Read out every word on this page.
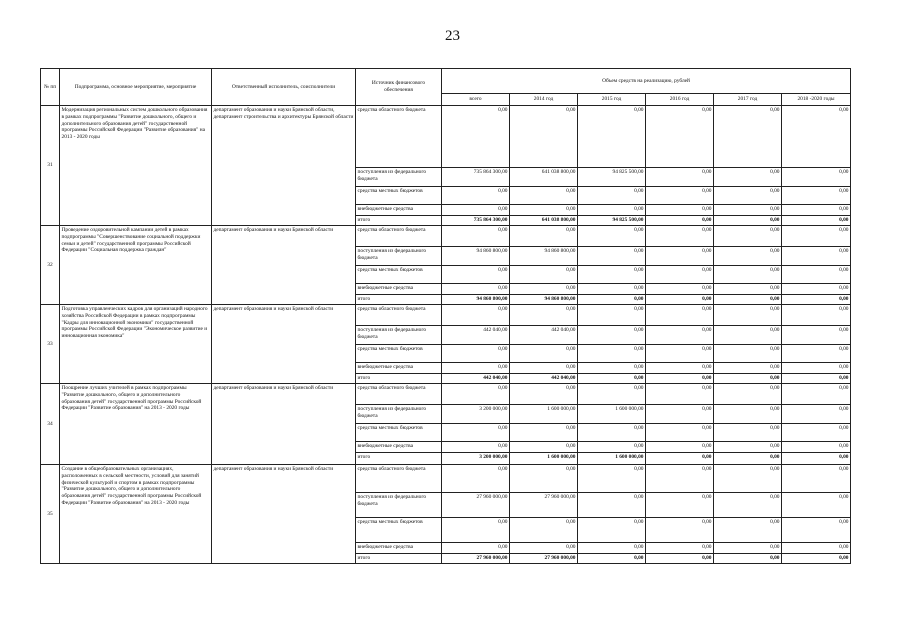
23
№ пп	Подпрограмма, основное мероприятие, мероприятие	Ответственный исполнитель, соисполнители	Источник финансового обеспечения	Объем средств на реализацию, рублей					
				всего	2014 год	2015 год	2016 год	2017 год	2018 -2020 годы
31	Модернизация региональных систем дошкольного образования в рамках подпрограммы "Развитие дошкольного, общего и дополнительного образования детей" государственной программы Российской Федерации "Развитие образования" на 2013 - 2020 годы	департамент образования и науки Брянской области, департамент строительства и архитектуры Брянской области	средства областного бюджета	0,00	0,00	0,00	0,00	0,00	0,00
			поступления из федерального бюджета	735 864 300,00	641 038 800,00	94 825 500,00	0,00	0,00	0,00
			средства местных бюджетов	0,00	0,00	0,00	0,00	0,00	0,00
			внебюджетные средства	0,00	0,00	0,00	0,00	0,00	0,00
			итого	735 864 300,00	641 038 800,00	94 825 500,00	0,00	0,00	0,00
32	Проведение оздоровительной кампании детей в рамках подпрограммы "Совершенствование социальной поддержки семьи и детей" государственной программы Российской Федерации "Социальная поддержка граждан"	департамент образования и науки Брянской области	средства областного бюджета	0,00	0,00	0,00	0,00	0,00	0,00
			поступления из федерального бюджета	94 860 800,00	94 860 800,00	0,00	0,00	0,00	0,00
			средства местных бюджетов	0,00	0,00	0,00	0,00	0,00	0,00
			внебюджетные средства	0,00	0,00	0,00	0,00	0,00	0,00
			итого	94 860 800,00	94 860 800,00	0,00	0,00	0,00	0,00
33	Подготовка управленческих кадров для организаций народного хозяйства Российской Федерации в рамках подпрограммы "Кадры для инновационной экономики" государственной программы Российской Федерации "Экономическое развитие и инновационная экономика"	департамент образования и науки Брянской области	средства областного бюджета	0,00	0,00	0,00	0,00	0,00	0,00
			поступления из федерального бюджета	442 040,00	442 040,00	0,00	0,00	0,00	0,00
			средства местных бюджетов	0,00	0,00	0,00	0,00	0,00	0,00
			внебюджетные средства	0,00	0,00	0,00	0,00	0,00	0,00
			итого	442 040,00	442 040,00	0,00	0,00	0,00	0,00
34	Поощрение лучших учителей в рамках подпрограммы "Развитие дошкольного, общего и дополнительного образования детей" государственной программы Российской Федерации "Развитие образования" на 2013 - 2020 годы	департамент образования и науки Брянской области	средства областного бюджета	0,00	0,00	0,00	0,00	0,00	0,00
			поступления из федерального бюджета	3 200 000,00	1 600 000,00	1 600 000,00	0,00	0,00	0,00
			средства местных бюджетов	0,00	0,00	0,00	0,00	0,00	0,00
			внебюджетные средства	0,00	0,00	0,00	0,00	0,00	0,00
			итого	3 200 000,00	1 600 000,00	1 600 000,00	0,00	0,00	0,00
35	Создание в общеобразовательных организациях, расположенных в сельской местности, условий для занятий физической культурой и спортом в рамках подпрограммы "Развитие дошкольного, общего и дополнительного образования детей" государственной программы Российской Федерации "Развитие образования" на 2013 - 2020 годы	департамент образования и науки Брянской области	средства областного бюджета	0,00	0,00	0,00	0,00	0,00	0,00
			поступления из федерального бюджета	27 960 000,00	27 960 000,00	0,00	0,00	0,00	0,00
			средства местных бюджетов	0,00	0,00	0,00	0,00	0,00	0,00
			внебюджетные средства	0,00	0,00	0,00	0,00	0,00	0,00
			итого	27 960 000,00	27 960 000,00	0,00	0,00	0,00	0,00
